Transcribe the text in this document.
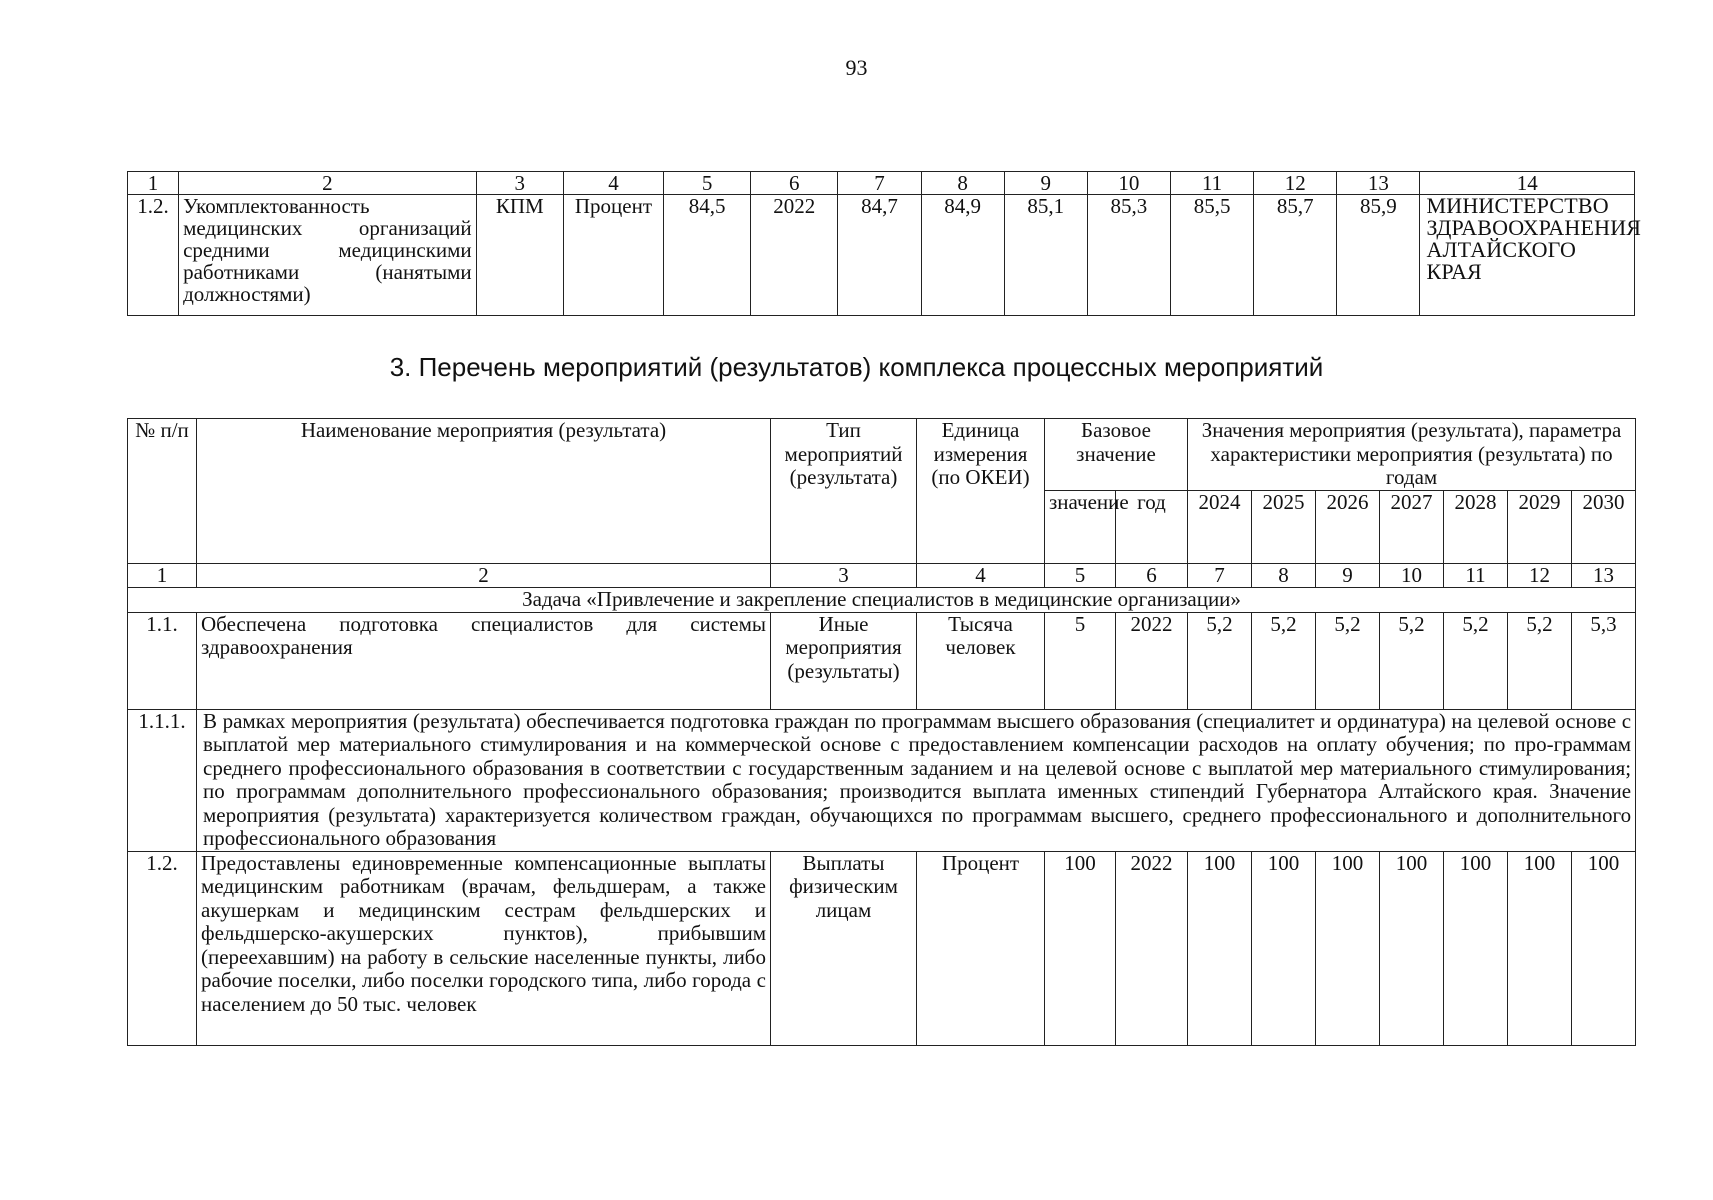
93
1	2	3	4	5	6	7	8	9	10	11	12	13	14
1.2.	Укомплектованность медицинских организаций средними медицинскими работниками (нанятыми должностями)	КПМ	Процент	84,5	2022	84,7	84,9	85,1	85,3	85,5	85,7	85,9	МИНИСТЕРСТВО ЗДРАВООХРАНЕНИЯ АЛТАЙСКОГО КРАЯ
3. Перечень мероприятий (результатов) комплекса процессных мероприятий
№ п/п	Наименование мероприятия (результата)	Тип мероприятий (результата)	Единица измерения (по ОКЕИ)	Базовое значение		Значения мероприятия (результата), параметра характеристики мероприятия (результата) по годам						
				значение	год	2024	2025	2026	2027	2028	2029	2030
1	2	3	4	5	6	7	8	9	10	11	12	13
Задача «Привлечение и закрепление специалистов в медицинские организации»												
1.1.	Обеспечена подготовка специалистов для системы здравоохранения	Иные мероприятия (результаты)	Тысяча человек	5	2022	5,2	5,2	5,2	5,2	5,2	5,2	5,3
1.1.1.	В рамках мероприятия (результата) обеспечивается подготовка граждан по программам высшего образования (специалитет и ординатура) на целевой основе с выплатой мер материального стимулирования и на коммерческой основе с предоставлением компенсации расходов на оплату обучения; по про-граммам среднего профессионального образования в соответствии с государственным заданием и на целевой основе с выплатой мер материального стимулирования; по программам дополнительного профессионального образования; производится выплата именных стипендий Губернатора Алтайского края. Значение мероприятия (результата) характеризуется количеством граждан, обучающихся по программам высшего, среднего профессионального и дополнительного профессионального образования											
1.2.	Предоставлены единовременные компенсационные выплаты медицинским работникам (врачам, фельдшерам, а также акушеркам и медицинским сестрам фельдшерских и фельдшерско-акушерских пунктов), прибывшим (переехавшим) на работу в сельские населенные пункты, либо рабочие поселки, либо поселки городского типа, либо города с населением до 50 тыс. человек	Выплаты физическим лицам	Процент	100	2022	100	100	100	100	100	100	100
